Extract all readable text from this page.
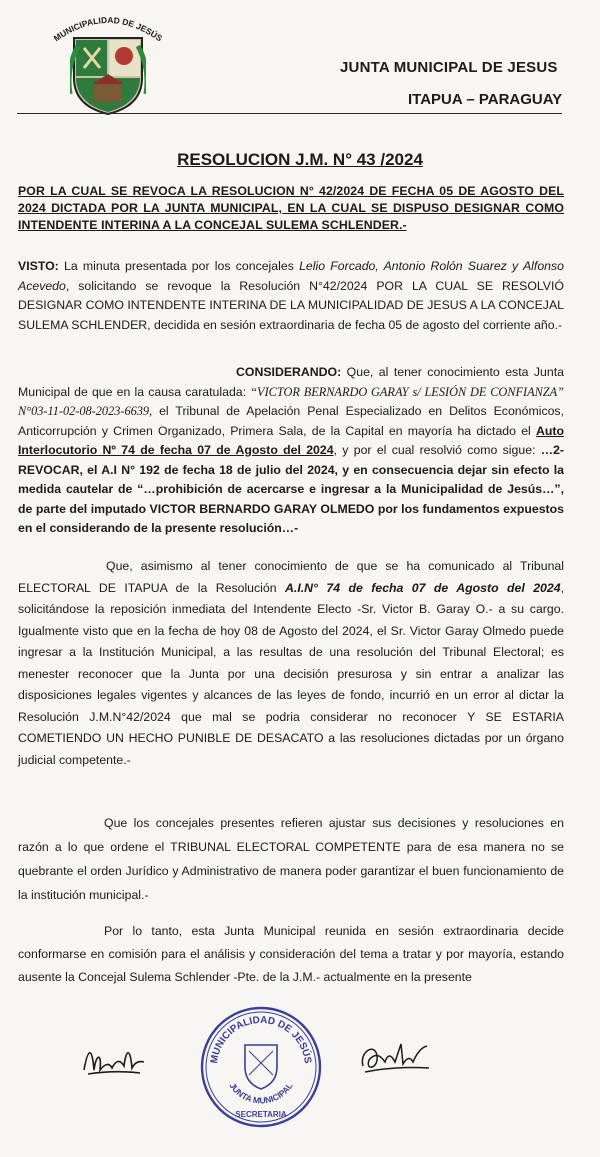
MUNICIPALIDAD DE JESÚS
JUNTA MUNICIPAL DE JESUS
ITAPUA – PARAGUAY
RESOLUCION J.M. N° 43 /2024
POR LA CUAL SE REVOCA LA RESOLUCION N° 42/2024 DE FECHA 05 DE AGOSTO DEL 2024 DICTADA POR LA JUNTA MUNICIPAL, EN LA CUAL SE DISPUSO DESIGNAR COMO INTENDENTE INTERINA A LA CONCEJAL SULEMA SCHLENDER.-
VISTO: La minuta presentada por los concejales Lelio Forcado, Antonio Rolón Suarez y Alfonso Acevedo, solicitando se revoque la Resolución N°42/2024 POR LA CUAL SE RESOLVIÓ DESIGNAR COMO INTENDENTE INTERINA DE LA MUNICIPALIDAD DE JESUS A LA CONCEJAL SULEMA SCHLENDER, decidida en sesión extraordinaria de fecha 05 de agosto del corriente año.-
CONSIDERANDO: Que, al tener conocimiento esta Junta Municipal de que en la causa caratulada: “VICTOR BERNARDO GARAY s/ LESIÓN DE CONFIANZA” N°03-11-02-08-2023-6639, el Tribunal de Apelación Penal Especializado en Delitos Económicos, Anticorrupción y Crimen Organizado, Primera Sala, de la Capital en mayoría ha dictado el Auto Interlocutorio Nº 74 de fecha 07 de Agosto del 2024, y por el cual resolvió como sigue: …2- REVOCAR, el A.I N° 192 de fecha 18 de julio del 2024, y en consecuencia dejar sin efecto la medida cautelar de “…prohibición de acercarse e ingresar a la Municipalidad de Jesús…”, de parte del imputado VICTOR BERNARDO GARAY OLMEDO por los fundamentos expuestos en el considerando de la presente resolución…-
Que, asimismo al tener conocimiento de que se ha comunicado al Tribunal ELECTORAL DE ITAPUA de la Resolución A.I.N° 74 de fecha 07 de Agosto del 2024, solicitándose la reposición inmediata del Intendente Electo -Sr. Victor B. Garay O.- a su cargo. Igualmente visto que en la fecha de hoy 08 de Agosto del 2024, el Sr. Victor Garay Olmedo puede ingresar a la Institución Municipal, a las resultas de una resolución del Tribunal Electoral; es menester reconocer que la Junta por una decisión presurosa y sin entrar a analizar las disposiciones legales vigentes y alcances de las leyes de fondo, incurrió en un error al dictar la Resolución J.M.N°42/2024 que mal se podria considerar no reconocer Y SE ESTARIA COMETIENDO UN HECHO PUNIBLE DE DESACATO a las resoluciones dictadas por un órgano judicial competente.-
Que los concejales presentes refieren ajustar sus decisiones y resoluciones en razón a lo que ordene el TRIBUNAL ELECTORAL COMPETENTE para de esa manera no se quebrante el orden Jurídico y Administrativo de manera poder garantizar el buen funcionamiento de la institución municipal.-
Por lo tanto, esta Junta Municipal reunida en sesión extraordinaria decide conformarse en comisión para el análisis y consideración del tema a tratar y por mayoría, estando ausente la Concejal Sulema Schlender -Pte. de la J.M.- actualmente en la presente
MUNICIPALIDAD DE JESÚS
JUNTA MUNICIPAL
SECRETARIA
